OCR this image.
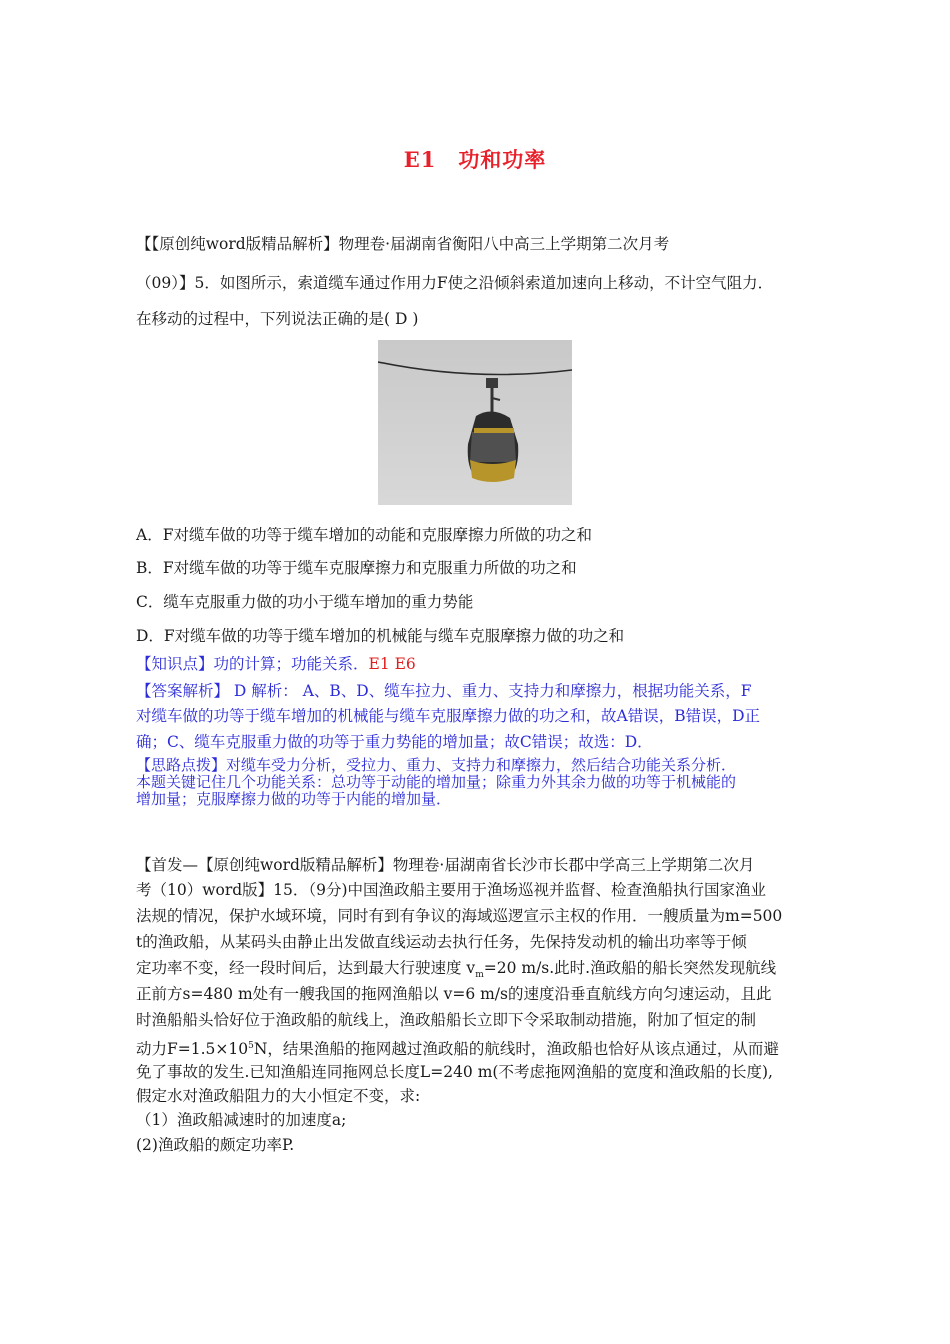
E1 功和功率
【【原创纯word版精品解析】物理卷·届湖南省衡阳八中高三上学期第二次月考
（09）】5．如图所示，索道缆车通过作用力F使之沿倾斜索道加速向上移动，不计空气阻力．
在移动的过程中，下列说法正确的是( D )
A．F对缆车做的功等于缆车增加的动能和克服摩擦力所做的功之和
B．F对缆车做的功等于缆车克服摩擦力和克服重力所做的功之和
C．缆车克服重力做的功小于缆车增加的重力势能
D．F对缆车做的功等于缆车增加的机械能与缆车克服摩擦力做的功之和
【知识点】功的计算；功能关系．E1 E6
【答案解析】 D 解析： A、B、D、缆车拉力、重力、支持力和摩擦力，根据功能关系，F
对缆车做的功等于缆车增加的机械能与缆车克服摩擦力做的功之和，故A错误，B错误，D正
确；C、缆车克服重力做的功等于重力势能的增加量；故C错误；故选：D．
【思路点拨】对缆车受力分析，受拉力、重力、支持力和摩擦力，然后结合功能关系分析．
本题关键记住几个功能关系：总功等于动能的增加量；除重力外其余力做的功等于机械能的
增加量；克服摩擦力做的功等于内能的增加量．
【首发—【原创纯word版精品解析】物理卷·届湖南省长沙市长郡中学高三上学期第二次月
考（10）word版】15．（9分)中国渔政船主要用于渔场巡视并监督、检查渔船执行国家渔业
法规的情况，保护水域环境，同时有到有争议的海域巡逻宣示主权的作用．一艘质量为m=500
t的渔政船，从某码头由静止出发做直线运动去执行任务，先保持发动机的输出功率等于倾
定功率不变，经一段时间后，达到最大行驶速度 $v_m=20$ m/s.此时.渔政船的船长突然发现航线
正前方s=480 m处有一艘我国的拖网渔船以 v=6 m/s的速度沿垂直航线方向匀速运动，且此
时渔船船头恰好位于渔政船的航线上，渔政船船长立即下令采取制动措施，附加了恒定的制
动力$F=1.5\times 10^5N$，结果渔船的拖网越过渔政船的航线时，渔政船也恰好从该点通过，从而避
免了事故的发生.已知渔船连同拖网总长度L=240 m(不考虑拖网渔船的宽度和渔政船的长度),
假定水对渔政船阻力的大小恒定不变，求:
（1）渔政船减速时的加速度a;
(2)渔政船的颇定功率P.
